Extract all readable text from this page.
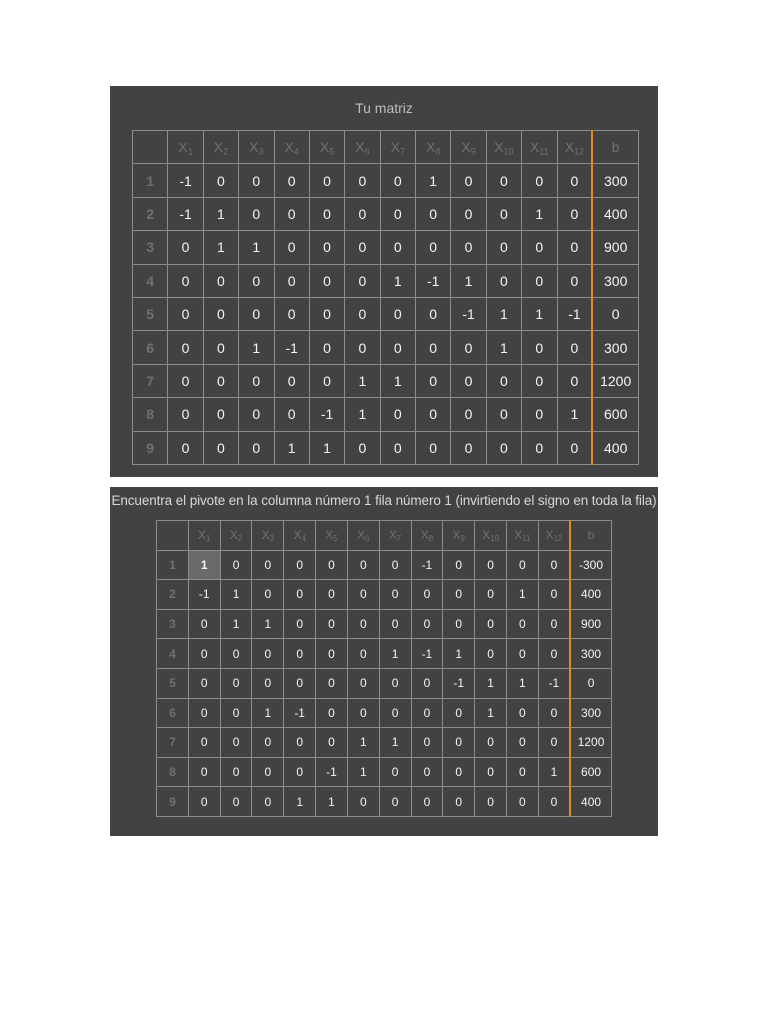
Tu matriz
	$X_1$	$X_2$	$X_3$	$X_4$	$X_5$	$X_6$	$X_7$	$X_8$	$X_9$	$X_{10}$	$X_{11}$	$X_{12}$	b
1	-1	0	0	0	0	0	0	1	0	0	0	0	300
2	-1	1	0	0	0	0	0	0	0	0	1	0	400
3	0	1	1	0	0	0	0	0	0	0	0	0	900
4	0	0	0	0	0	0	1	-1	1	0	0	0	300
5	0	0	0	0	0	0	0	0	-1	1	1	-1	0
6	0	0	1	-1	0	0	0	0	0	1	0	0	300
7	0	0	0	0	0	1	1	0	0	0	0	0	1200
8	0	0	0	0	-1	1	0	0	0	0	0	1	600
9	0	0	0	1	1	0	0	0	0	0	0	0	400
Encuentra el pivote en la columna número 1 fila número 1 (invirtiendo el signo en toda la fila)
	$X_1$	$X_2$	$X_3$	$X_4$	$X_5$	$X_6$	$X_7$	$X_8$	$X_9$	$X_{10}$	$X_{11}$	$X_{12}$	b
1	1	0	0	0	0	0	0	-1	0	0	0	0	-300
2	-1	1	0	0	0	0	0	0	0	0	1	0	400
3	0	1	1	0	0	0	0	0	0	0	0	0	900
4	0	0	0	0	0	0	1	-1	1	0	0	0	300
5	0	0	0	0	0	0	0	0	-1	1	1	-1	0
6	0	0	1	-1	0	0	0	0	0	1	0	0	300
7	0	0	0	0	0	1	1	0	0	0	0	0	1200
8	0	0	0	0	-1	1	0	0	0	0	0	1	600
9	0	0	0	1	1	0	0	0	0	0	0	0	400
